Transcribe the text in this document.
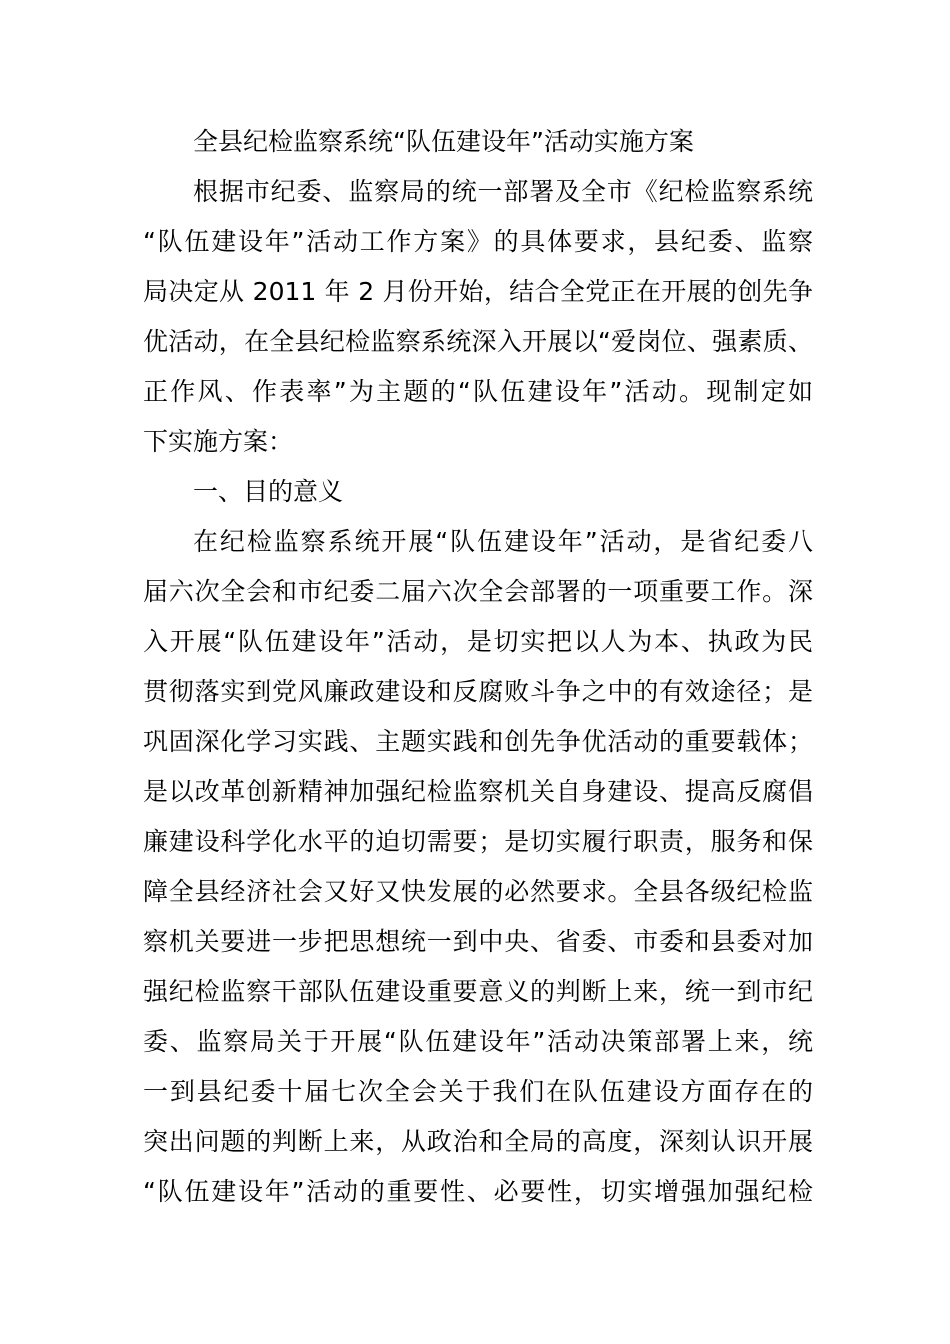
全县纪检监察系统“队伍建设年”活动实施方案
根据市纪委、监察局的统一部署及全市《纪检监察系统
“队伍建设年”活动工作方案》的具体要求，县纪委、监察
局决定从 2011 年 2 月份开始，结合全党正在开展的创先争
优活动，在全县纪检监察系统深入开展以“爱岗位、强素质、
正作风、作表率”为主题的“队伍建设年”活动。现制定如
下实施方案：
一、目的意义
在纪检监察系统开展“队伍建设年”活动，是省纪委八
届六次全会和市纪委二届六次全会部署的一项重要工作。深
入开展“队伍建设年”活动，是切实把以人为本、执政为民
贯彻落实到党风廉政建设和反腐败斗争之中的有效途径；是
巩固深化学习实践、主题实践和创先争优活动的重要载体；
是以改革创新精神加强纪检监察机关自身建设、提高反腐倡
廉建设科学化水平的迫切需要；是切实履行职责，服务和保
障全县经济社会又好又快发展的必然要求。全县各级纪检监
察机关要进一步把思想统一到中央、省委、市委和县委对加
强纪检监察干部队伍建设重要意义的判断上来，统一到市纪
委、监察局关于开展“队伍建设年”活动决策部署上来，统
一到县纪委十届七次全会关于我们在队伍建设方面存在的
突出问题的判断上来，从政治和全局的高度，深刻认识开展
“队伍建设年”活动的重要性、必要性，切实增强加强纪检
